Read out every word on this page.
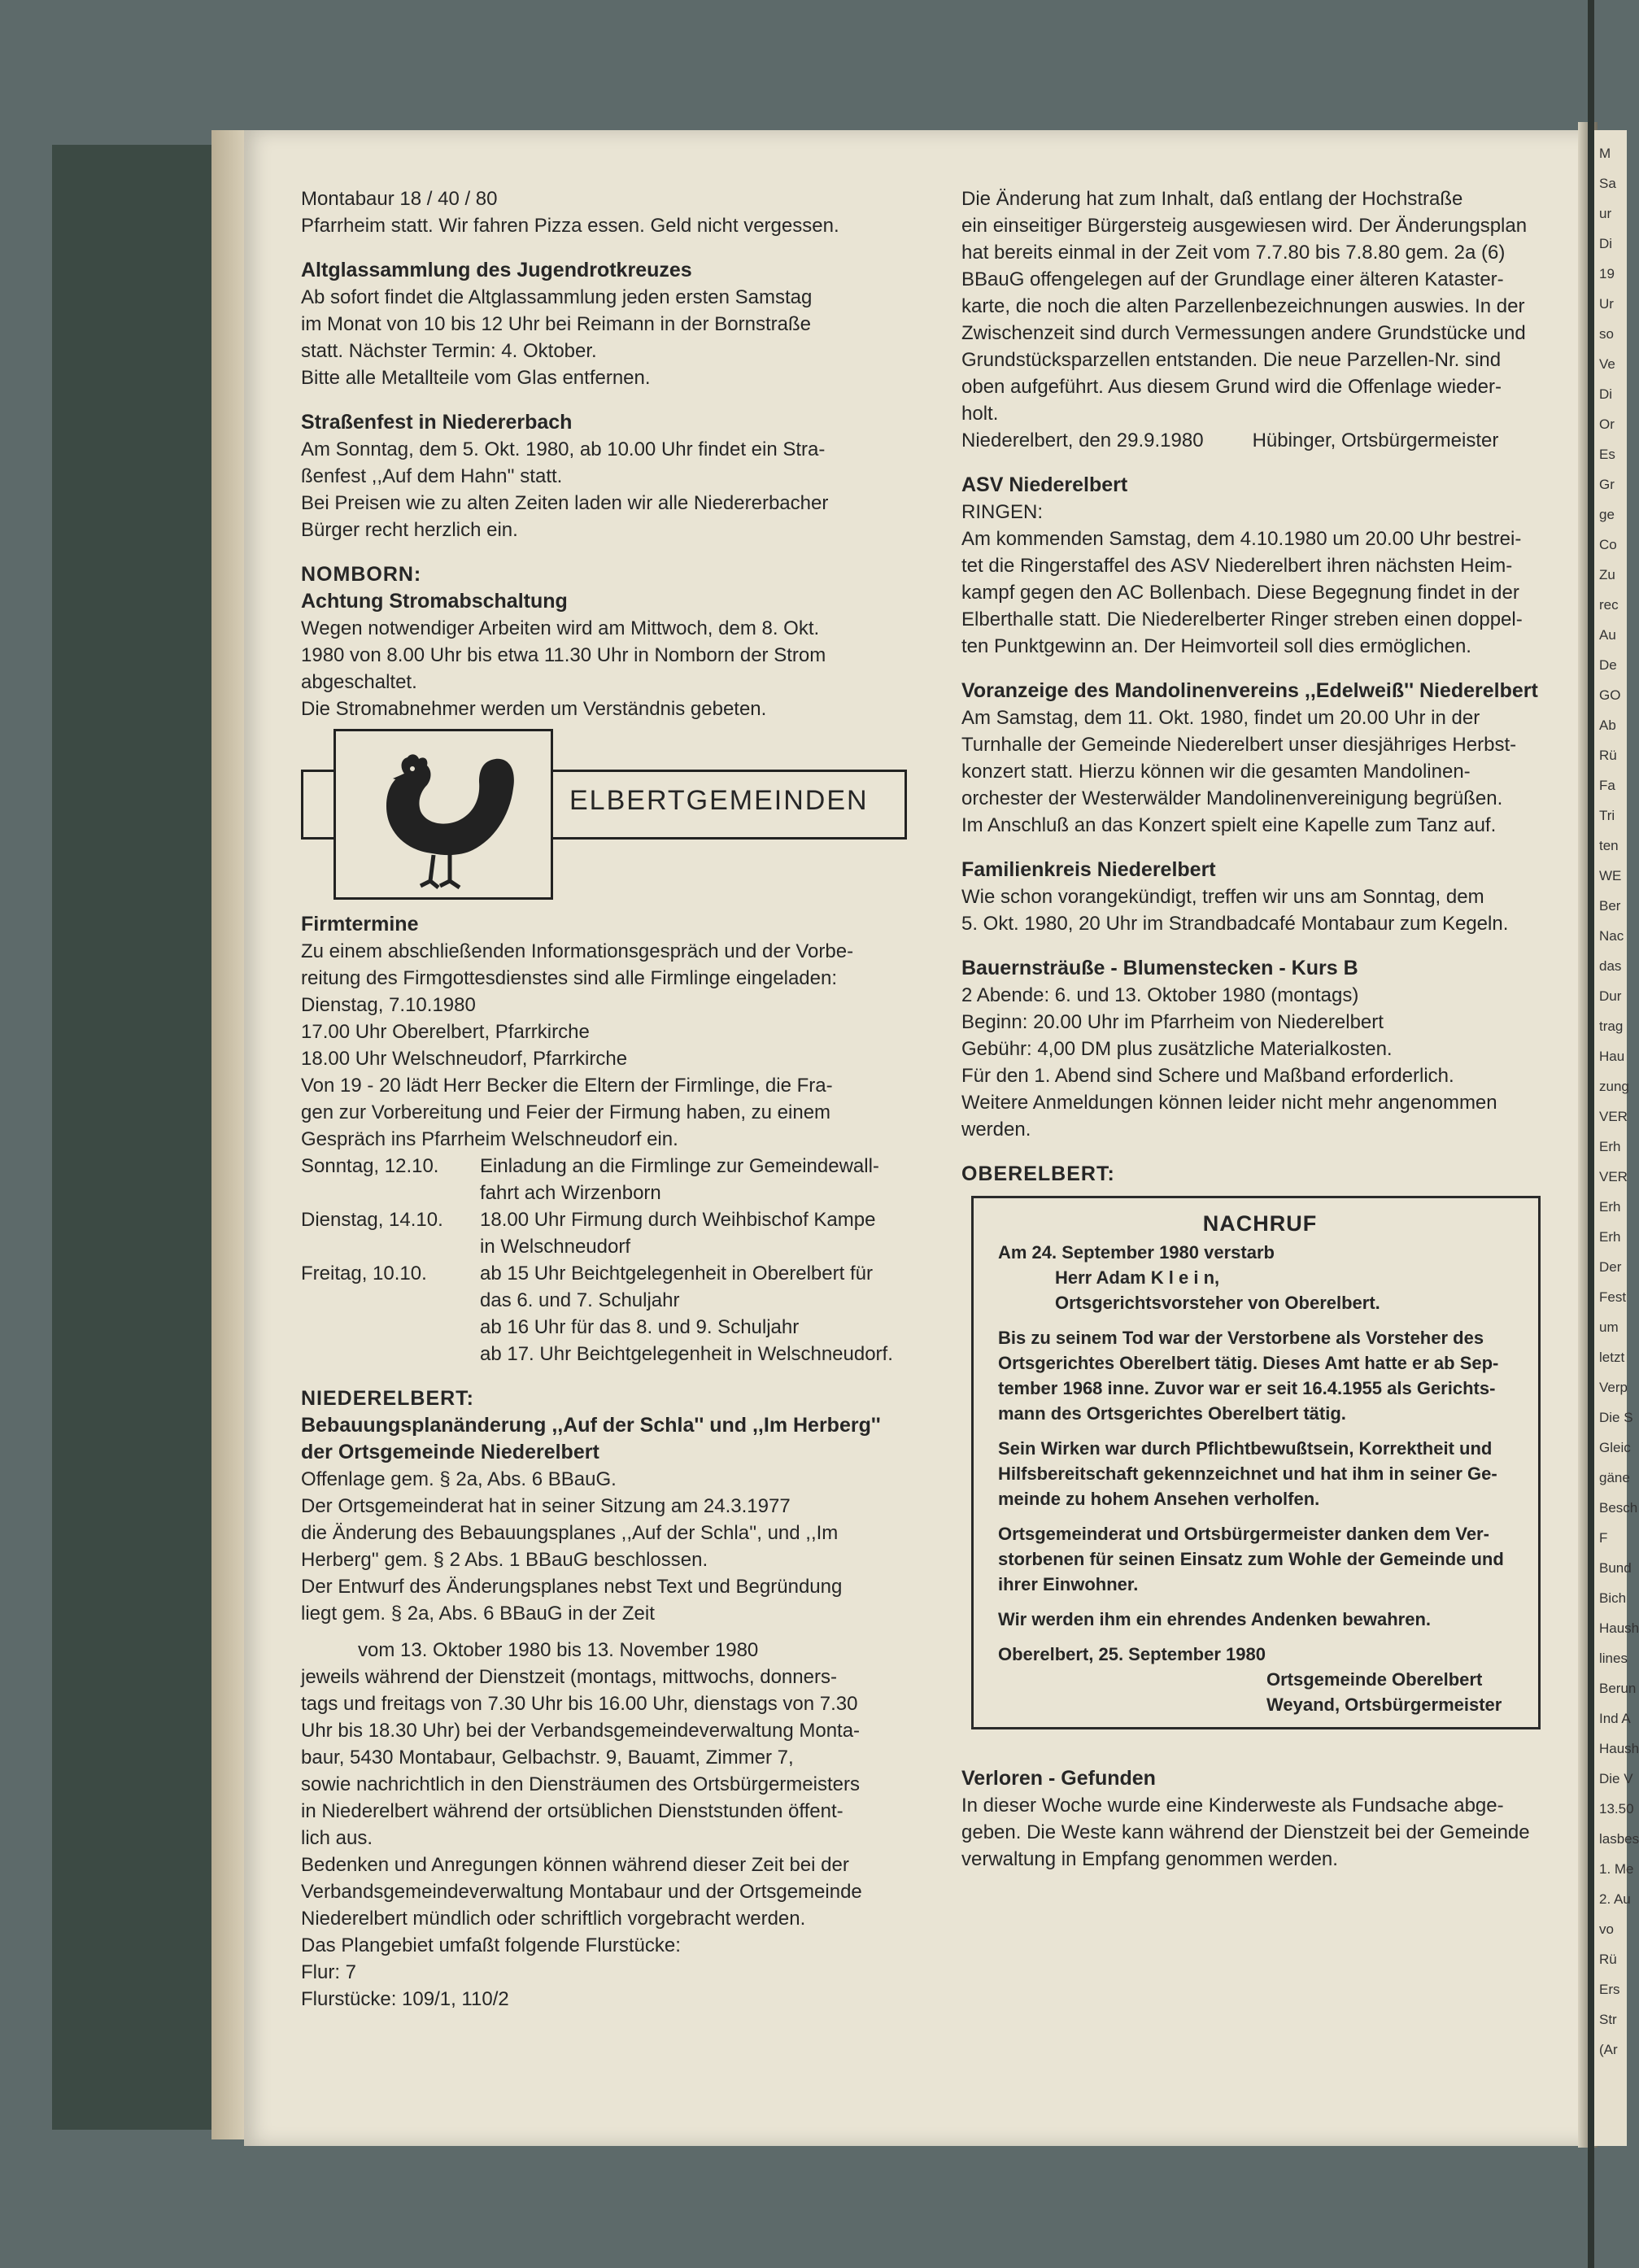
M
Sa
ur
Di
19
Ur
so
Ve
Di
Or
Es
Gr
ge
Co
Zu
rec
Au
De
GO
Ab
Rü
Fa
Tri
ten
WE
Ber
Nac
das
Dur
trag
Hau
zung
VER
Erh
VER
Erh
Erh
Der
Fest
um
letzt
Verp
Die S
Gleic
gäne
Besch
F
Bund
Bich
Haush
lines
Berun
Ind A
Haush
Die V
13.50
lasbes
1. Me
2. Au
vo
Rü
Ers
Str
(Ar
Montabaur 18 / 40 / 80
Pfarrheim statt. Wir fahren Pizza essen. Geld nicht vergessen.
Altglassammlung des Jugendrotkreuzes
Ab sofort findet die Altglassammlung jeden ersten Samstag
im Monat von 10 bis 12 Uhr bei Reimann in der Bornstraße
statt. Nächster Termin: 4. Oktober.
Bitte alle Metallteile vom Glas entfernen.
Straßenfest in Niedererbach
Am Sonntag, dem 5. Okt. 1980, ab 10.00 Uhr findet ein Stra-
ßenfest ,,Auf dem Hahn'' statt.
Bei Preisen wie zu alten Zeiten laden wir alle Niedererbacher
Bürger recht herzlich ein.
NOMBORN:
Achtung Stromabschaltung
Wegen notwendiger Arbeiten wird am Mittwoch, dem 8. Okt.
1980 von 8.00 Uhr bis etwa 11.30 Uhr in Nomborn der Strom
abgeschaltet.
Die Stromabnehmer werden um Verständnis gebeten.
ELBERTGEMEINDEN
Firmtermine
Zu einem abschließenden Informationsgespräch und der Vorbe-
reitung des Firmgottesdienstes sind alle Firmlinge eingeladen:
Dienstag, 7.10.1980
17.00 Uhr Oberelbert, Pfarrkirche
18.00 Uhr Welschneudorf, Pfarrkirche
Von 19 - 20 lädt Herr Becker die Eltern der Firmlinge, die Fra-
gen zur Vorbereitung und Feier der Firmung haben, zu einem
Gespräch ins Pfarrheim Welschneudorf ein.
Sonntag, 12.10.	Einladung an die Firmlinge zur Gemeindewall-
	fahrt ach Wirzenborn
Dienstag, 14.10.	18.00 Uhr Firmung durch Weihbischof Kampe
	in Welschneudorf
Freitag, 10.10.	ab 15 Uhr Beichtgelegenheit in Oberelbert für
	das 6. und 7. Schuljahr
	ab 16 Uhr für das 8. und 9. Schuljahr
	ab 17. Uhr Beichtgelegenheit in Welschneudorf.
NIEDERELBERT:
Bebauungsplanänderung ,,Auf der Schla'' und ,,Im Herberg''
der Ortsgemeinde Niederelbert
Offenlage gem. § 2a, Abs. 6 BBauG.
Der Ortsgemeinderat hat in seiner Sitzung am 24.3.1977
die Änderung des Bebauungsplanes ,,Auf der Schla'', und ,,Im
Herberg'' gem. § 2 Abs. 1 BBauG beschlossen.
Der Entwurf des Änderungsplanes nebst Text und Begründung
liegt gem. § 2a, Abs. 6 BBauG in der Zeit
vom 13. Oktober 1980 bis 13. November 1980
jeweils während der Dienstzeit (montags, mittwochs, donners-
tags und freitags von 7.30 Uhr bis 16.00 Uhr, dienstags von 7.30
Uhr bis 18.30 Uhr) bei der Verbandsgemeindeverwaltung Monta-
baur, 5430 Montabaur, Gelbachstr. 9, Bauamt, Zimmer 7,
sowie nachrichtlich in den Diensträumen des Ortsbürgermeisters
in Niederelbert während der ortsüblichen Dienststunden öffent-
lich aus.
Bedenken und Anregungen können während dieser Zeit bei der
Verbandsgemeindeverwaltung Montabaur und der Ortsgemeinde
Niederelbert mündlich oder schriftlich vorgebracht werden.
Das Plangebiet umfaßt folgende Flurstücke:
Flur: 7
Flurstücke: 109/1, 110/2
Die Änderung hat zum Inhalt, daß entlang der Hochstraße
ein einseitiger Bürgersteig ausgewiesen wird. Der Änderungsplan
hat bereits einmal in der Zeit vom 7.7.80 bis 7.8.80 gem. 2a (6)
BBauG offengelegen auf der Grundlage einer älteren Kataster-
karte, die noch die alten Parzellenbezeichnungen auswies. In der
Zwischenzeit sind durch Vermessungen andere Grundstücke und
Grundstücksparzellen entstanden. Die neue Parzellen-Nr. sind
oben aufgeführt. Aus diesem Grund wird die Offenlage wieder-
holt.
Niederelbert, den 29.9.1980	Hübinger, Ortsbürgermeister
ASV Niederelbert
RINGEN:
Am kommenden Samstag, dem 4.10.1980 um 20.00 Uhr bestrei-
tet die Ringerstaffel des ASV Niederelbert ihren nächsten Heim-
kampf gegen den AC Bollenbach. Diese Begegnung findet in der
Elberthalle statt. Die Niederelberter Ringer streben einen doppel-
ten Punktgewinn an. Der Heimvorteil soll dies ermöglichen.
Voranzeige des Mandolinenvereins ,,Edelweiß'' Niederelbert
Am Samstag, dem 11. Okt. 1980, findet um 20.00 Uhr in der
Turnhalle der Gemeinde Niederelbert unser diesjähriges Herbst-
konzert statt. Hierzu können wir die gesamten Mandolinen-
orchester der Westerwälder Mandolinenvereinigung begrüßen.
Im Anschluß an das Konzert spielt eine Kapelle zum Tanz auf.
Familienkreis Niederelbert
Wie schon vorangekündigt, treffen wir uns am Sonntag, dem
5. Okt. 1980, 20 Uhr im Strandbadcafé Montabaur zum Kegeln.
Bauernsträuße - Blumenstecken - Kurs B
2 Abende: 6. und 13. Oktober 1980 (montags)
Beginn: 20.00 Uhr im Pfarrheim von Niederelbert
Gebühr: 4,00 DM plus zusätzliche Materialkosten.
Für den 1. Abend sind Schere und Maßband erforderlich.
Weitere Anmeldungen können leider nicht mehr angenommen
werden.
OBERELBERT:
NACHRUF
Am 24. September 1980 verstarb
Herr Adam K l e i n,
Ortsgerichtsvorsteher von Oberelbert.
Bis zu seinem Tod war der Verstorbene als Vorsteher des
Ortsgerichtes Oberelbert tätig. Dieses Amt hatte er ab Sep-
tember 1968 inne. Zuvor war er seit 16.4.1955 als Gerichts-
mann des Ortsgerichtes Oberelbert tätig.
Sein Wirken war durch Pflichtbewußtsein, Korrektheit und
Hilfsbereitschaft gekennzeichnet und hat ihm in seiner Ge-
meinde zu hohem Ansehen verholfen.
Ortsgemeinderat und Ortsbürgermeister danken dem Ver-
storbenen für seinen Einsatz zum Wohle der Gemeinde und
ihrer Einwohner.
Wir werden ihm ein ehrendes Andenken bewahren.
Oberelbert, 25. September 1980
Ortsgemeinde Oberelbert
Weyand, Ortsbürgermeister
Verloren - Gefunden
In dieser Woche wurde eine Kinderweste als Fundsache abge-
geben. Die Weste kann während der Dienstzeit bei der Gemeinde
verwaltung in Empfang genommen werden.
